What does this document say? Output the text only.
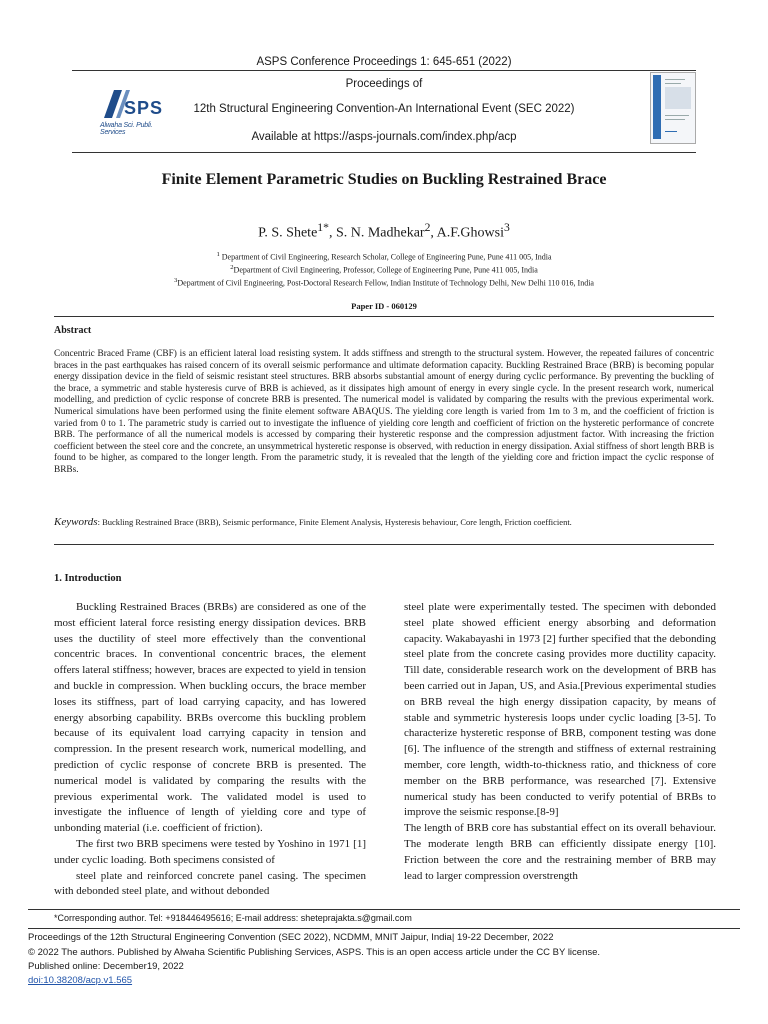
ASPS Conference Proceedings 1: 645-651 (2022)
SPS
Alwaha Sci. Publi. Services
Proceedings of
12th Structural Engineering Convention-An International Event (SEC 2022)
Available at https://asps-journals.com/index.php/acp
Finite Element Parametric Studies on Buckling Restrained Brace
P. S. Shete$^{1*}$, S. N. Madhekar$^2$, A.F.Ghowsi$^3$
$^1$ Department of Civil Engineering, Research Scholar, College of Engineering Pune, Pune 411 005, India
$^2$Department of Civil Engineering, Professor, College of Engineering Pune, Pune 411 005, India
$^3$Department of Civil Engineering, Post-Doctoral Research Fellow, Indian Institute of Technology Delhi, New Delhi 110 016, India
Paper ID - 060129
Abstract
Concentric Braced Frame (CBF) is an efficient lateral load resisting system. It adds stiffness and strength to the structural system. However, the repeated failures of concentric braces in the past earthquakes has raised concern of its overall seismic performance and ultimate deformation capacity. Buckling Restrained Brace (BRB) is becoming popular energy dissipation device in the field of seismic resistant steel structures. BRB absorbs substantial amount of energy during cyclic performance. By preventing the buckling of the brace, a symmetric and stable hysteresis curve of BRB is achieved, as it dissipates high amount of energy in every single cycle. In the present research work, numerical modelling, and prediction of cyclic response of concrete BRB is presented. The numerical model is validated by comparing the results with the previous experimental work. Numerical simulations have been performed using the finite element software ABAQUS. The yielding core length is varied from 1m to 3 m, and the coefficient of friction is varied from 0 to 1. The parametric study is carried out to investigate the influence of yielding core length and coefficient of friction on the hysteretic performance of concrete BRB. The performance of all the numerical models is accessed by comparing their hysteretic response and the compression adjustment factor. With increasing the friction coefficient between the steel core and the concrete, an unsymmetrical hysteretic response is observed, with reduction in energy dissipation. Axial stiffness of short length BRB is found to be higher, as compared to the longer length. From the parametric study, it is revealed that the length of the yielding core and friction impact the cyclic response of BRBs.
Keywords: Buckling Restrained Brace (BRB), Seismic performance, Finite Element Analysis, Hysteresis behaviour, Core length, Friction coefficient.
1. Introduction

Buckling Restrained Braces (BRBs) are considered as one of the most efficient lateral force resisting energy dissipation devices. BRB uses the ductility of steel more effectively than the conventional concentric braces. In conventional concentric braces, the element offers lateral stiffness; however, braces are expected to yield in tension and buckle in compression. When buckling occurs, the brace member loses its stiffness, part of load carrying capacity, and has lowered energy absorbing capability. BRBs overcome this buckling problem because of its equivalent load carrying capacity in tension and compression. In the present research work, numerical modelling, and prediction of cyclic response of concrete BRB is presented. The numerical model is validated by comparing the results with the previous experimental work. The validated model is used to investigate the influence of length of yielding core and type of unbonding material (i.e. coefficient of friction).

The first two BRB specimens were tested by Yoshino in 1971 [1] under cyclic loading. Both specimens consisted of

steel plate and reinforced concrete panel casing. The specimen with debonded steel plate, and without debonded

steel plate were experimentally tested. The specimen with debonded steel plate showed efficient energy absorbing and deformation capacity. Wakabayashi in 1973 [2] further specified that the debonding steel plate from the concrete casing provides more ductility capacity. Till date, considerable research work on the development of BRB has been carried out in Japan, US, and Asia.[Previous experimental studies on BRB reveal the high energy dissipation capacity, by means of stable and symmetric hysteresis loops under cyclic loading [3-5]. To characterize hysteretic response of BRB, component testing was done [6]. The influence of the strength and stiffness of external restraining member, core length, width-to-thickness ratio, and thickness of core member on the BRB performance, was researched [7]. Extensive numerical study has been conducted to verify potential of BRBs to improve the seismic response.[8-9]

The length of BRB core has substantial effect on its overall behaviour. The moderate length BRB can efficiently dissipate energy [10]. Friction between the core and the restraining member of BRB may lead to larger compression overstrength

*Corresponding author. Tel: +918446495616; E-mail address: sheteprajakta.s@gmail.com
Proceedings of the 12th Structural Engineering Convention (SEC 2022), NCDMM, MNIT Jaipur, India| 19-22 December, 2022
© 2022 The authors. Published by Alwaha Scientific Publishing Services, ASPS. This is an open access article under the CC BY license.
Published online: December19, 2022
doi:10.38208/acp.v1.565
